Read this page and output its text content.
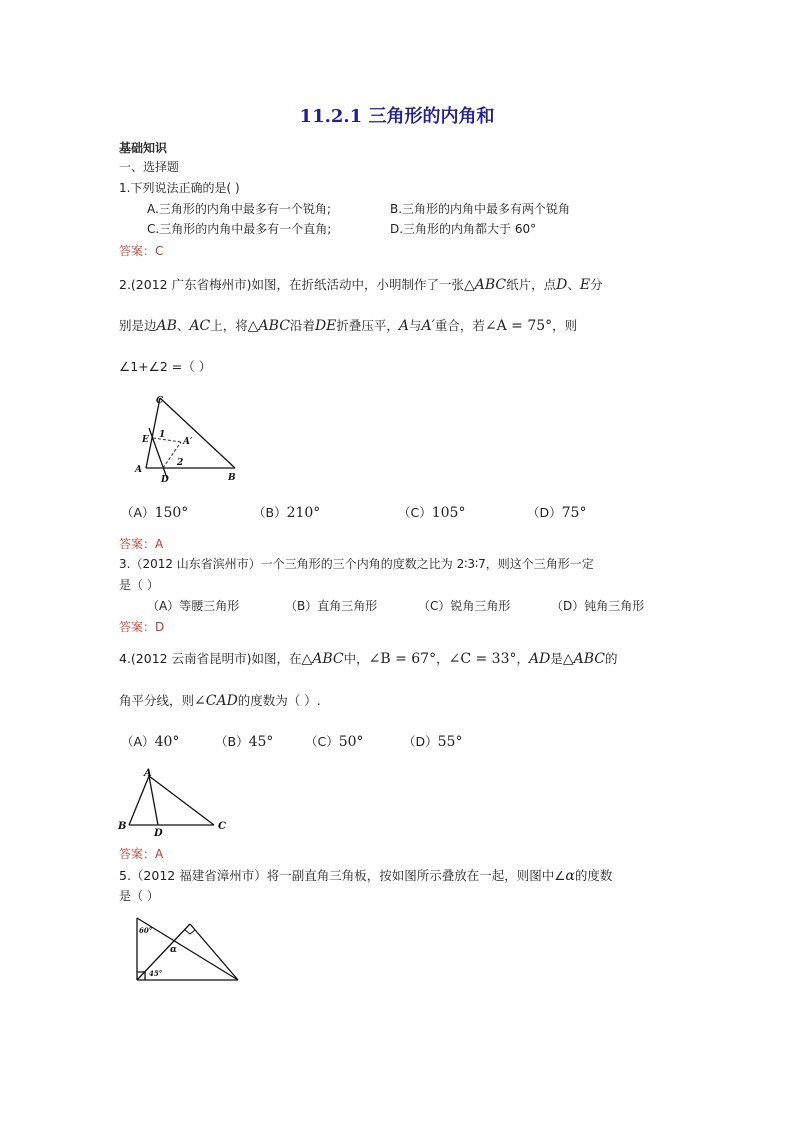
11.2.1 三角形的内角和
基础知识
一、选择题
1.下列说法正确的是( )
A.三角形的内角中最多有一个锐角;	B.三角形的内角中最多有两个锐角
C.三角形的内角中最多有一个直角;	D.三角形的内角都大于 60°
答案：C
2.(2012 广东省梅州市)如图，在折纸活动中，小明制作了一张△ABC纸片，点D、E分
别是边AB、AC上，将△ABC沿着DE折叠压平，A与A′重合，若∠A = 75°，则
∠1+∠2 =（ ）
C
E 1
A′
2
A
D	B
（A）150°	（B）210°	（C）105°	（D）75°
答案：A
3.（2012 山东省滨州市）一个三角形的三个内角的度数之比为 2∶3∶7，则这个三角形一定
是（ ）
（A）等腰三角形	（B）直角三角形	（C）锐角三角形	（D）钝角三角形
答案：D
4.(2012 云南省昆明市)如图，在△ABC中，∠B = 67°，∠C = 33°，AD是△ABC的
角平分线，则∠CAD的度数为（ ）.
（A）40°	（B）45°	（C）50°	（D）55°
A
B
D
C
答案：A
5.（2012 福建省漳州市）将一副直角三角板，按如图所示叠放在一起，则图中∠α的度数
是（ ）
60°
α
45°
